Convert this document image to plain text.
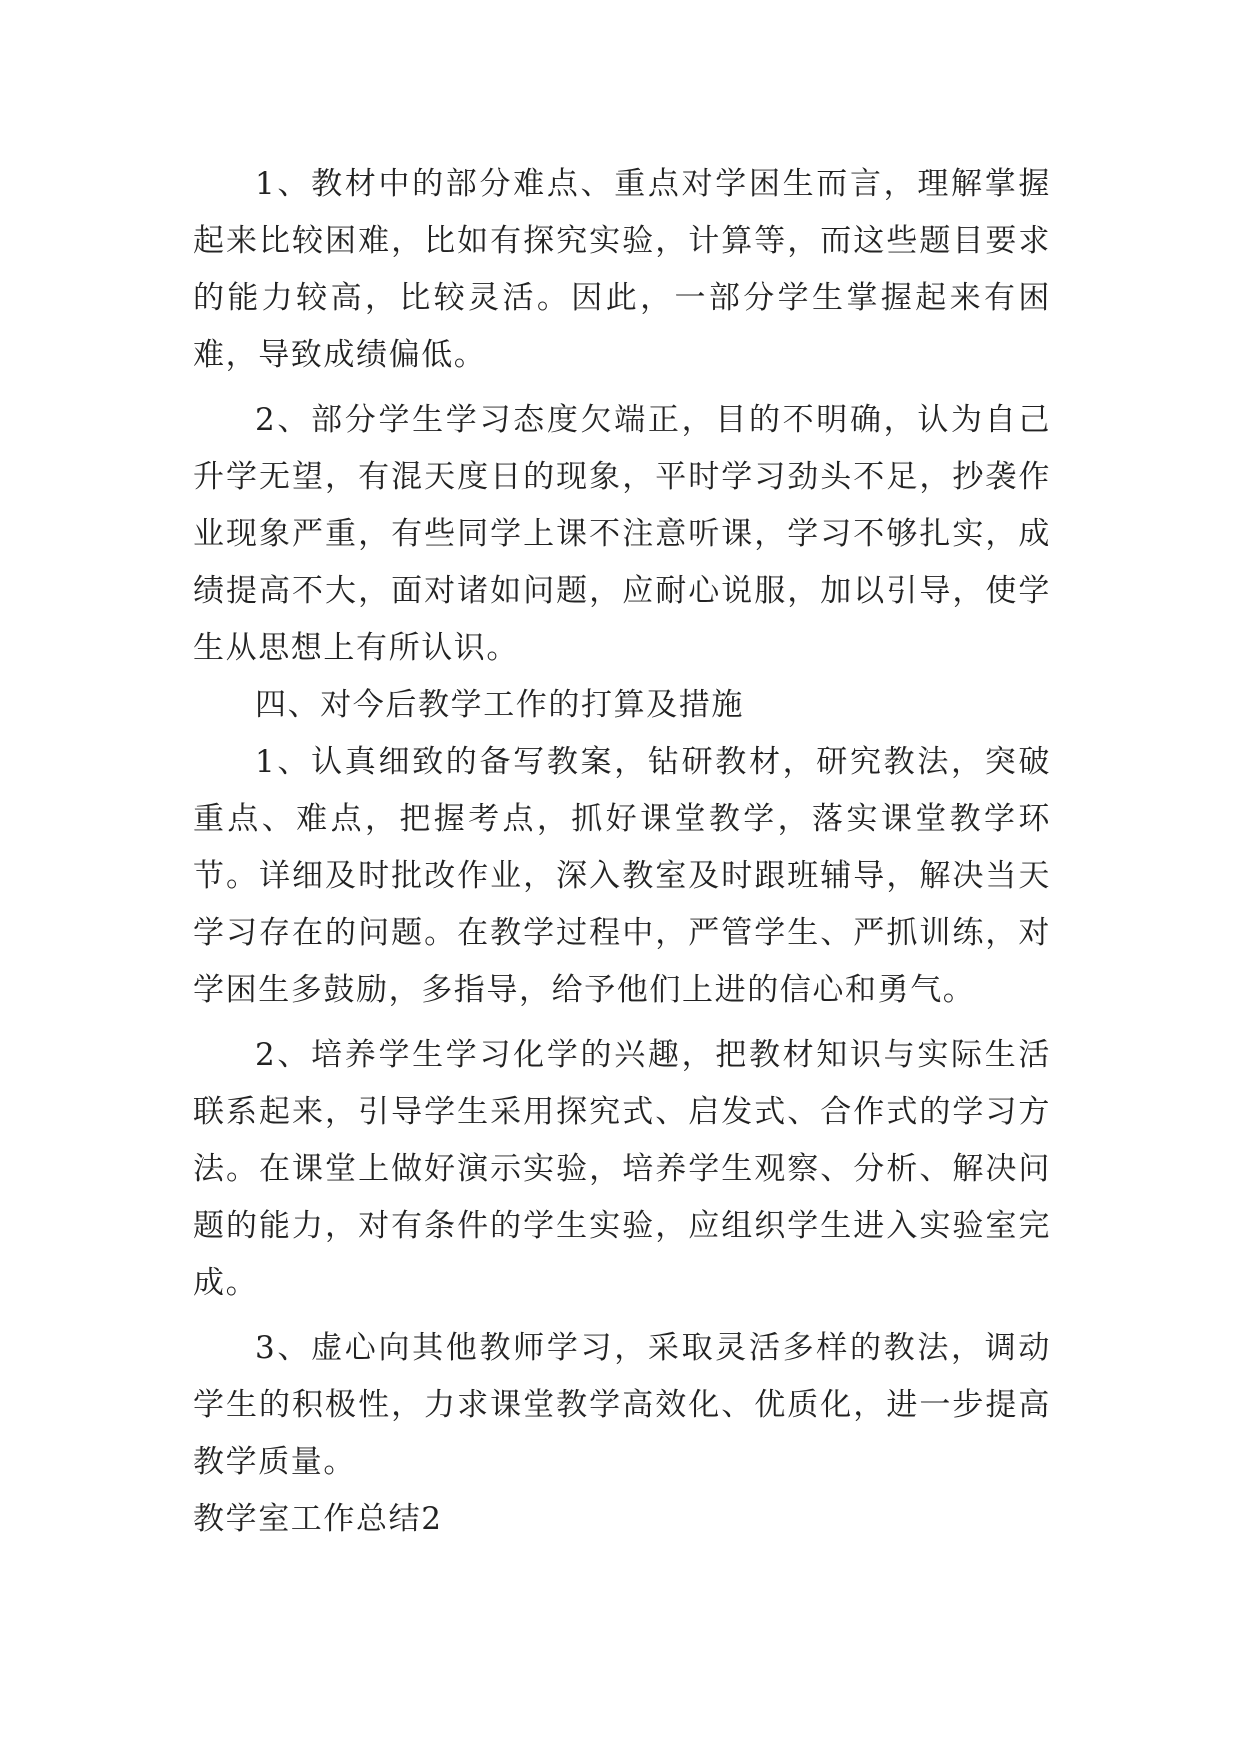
1、教材中的部分难点、重点对学困生而言，理解掌握起来比较困难，比如有探究实验，计算等，而这些题目要求的能力较高，比较灵活。因此，一部分学生掌握起来有困难，导致成绩偏低。

2、部分学生学习态度欠端正，目的不明确，认为自己升学无望，有混天度日的现象，平时学习劲头不足，抄袭作业现象严重，有些同学上课不注意听课，学习不够扎实，成绩提高不大，面对诸如问题，应耐心说服，加以引导，使学生从思想上有所认识。

四、对今后教学工作的打算及措施

1、认真细致的备写教案，钻研教材，研究教法，突破重点、难点，把握考点，抓好课堂教学，落实课堂教学环节。详细及时批改作业，深入教室及时跟班辅导，解决当天学习存在的问题。在教学过程中，严管学生、严抓训练，对学困生多鼓励，多指导，给予他们上进的信心和勇气。

2、培养学生学习化学的兴趣，把教材知识与实际生活联系起来，引导学生采用探究式、启发式、合作式的学习方法。在课堂上做好演示实验，培养学生观察、分析、解决问题的能力，对有条件的学生实验，应组织学生进入实验室完成。

3、虚心向其他教师学习，采取灵活多样的教法，调动学生的积极性，力求课堂教学高效化、优质化，进一步提高教学质量。

教学室工作总结2
